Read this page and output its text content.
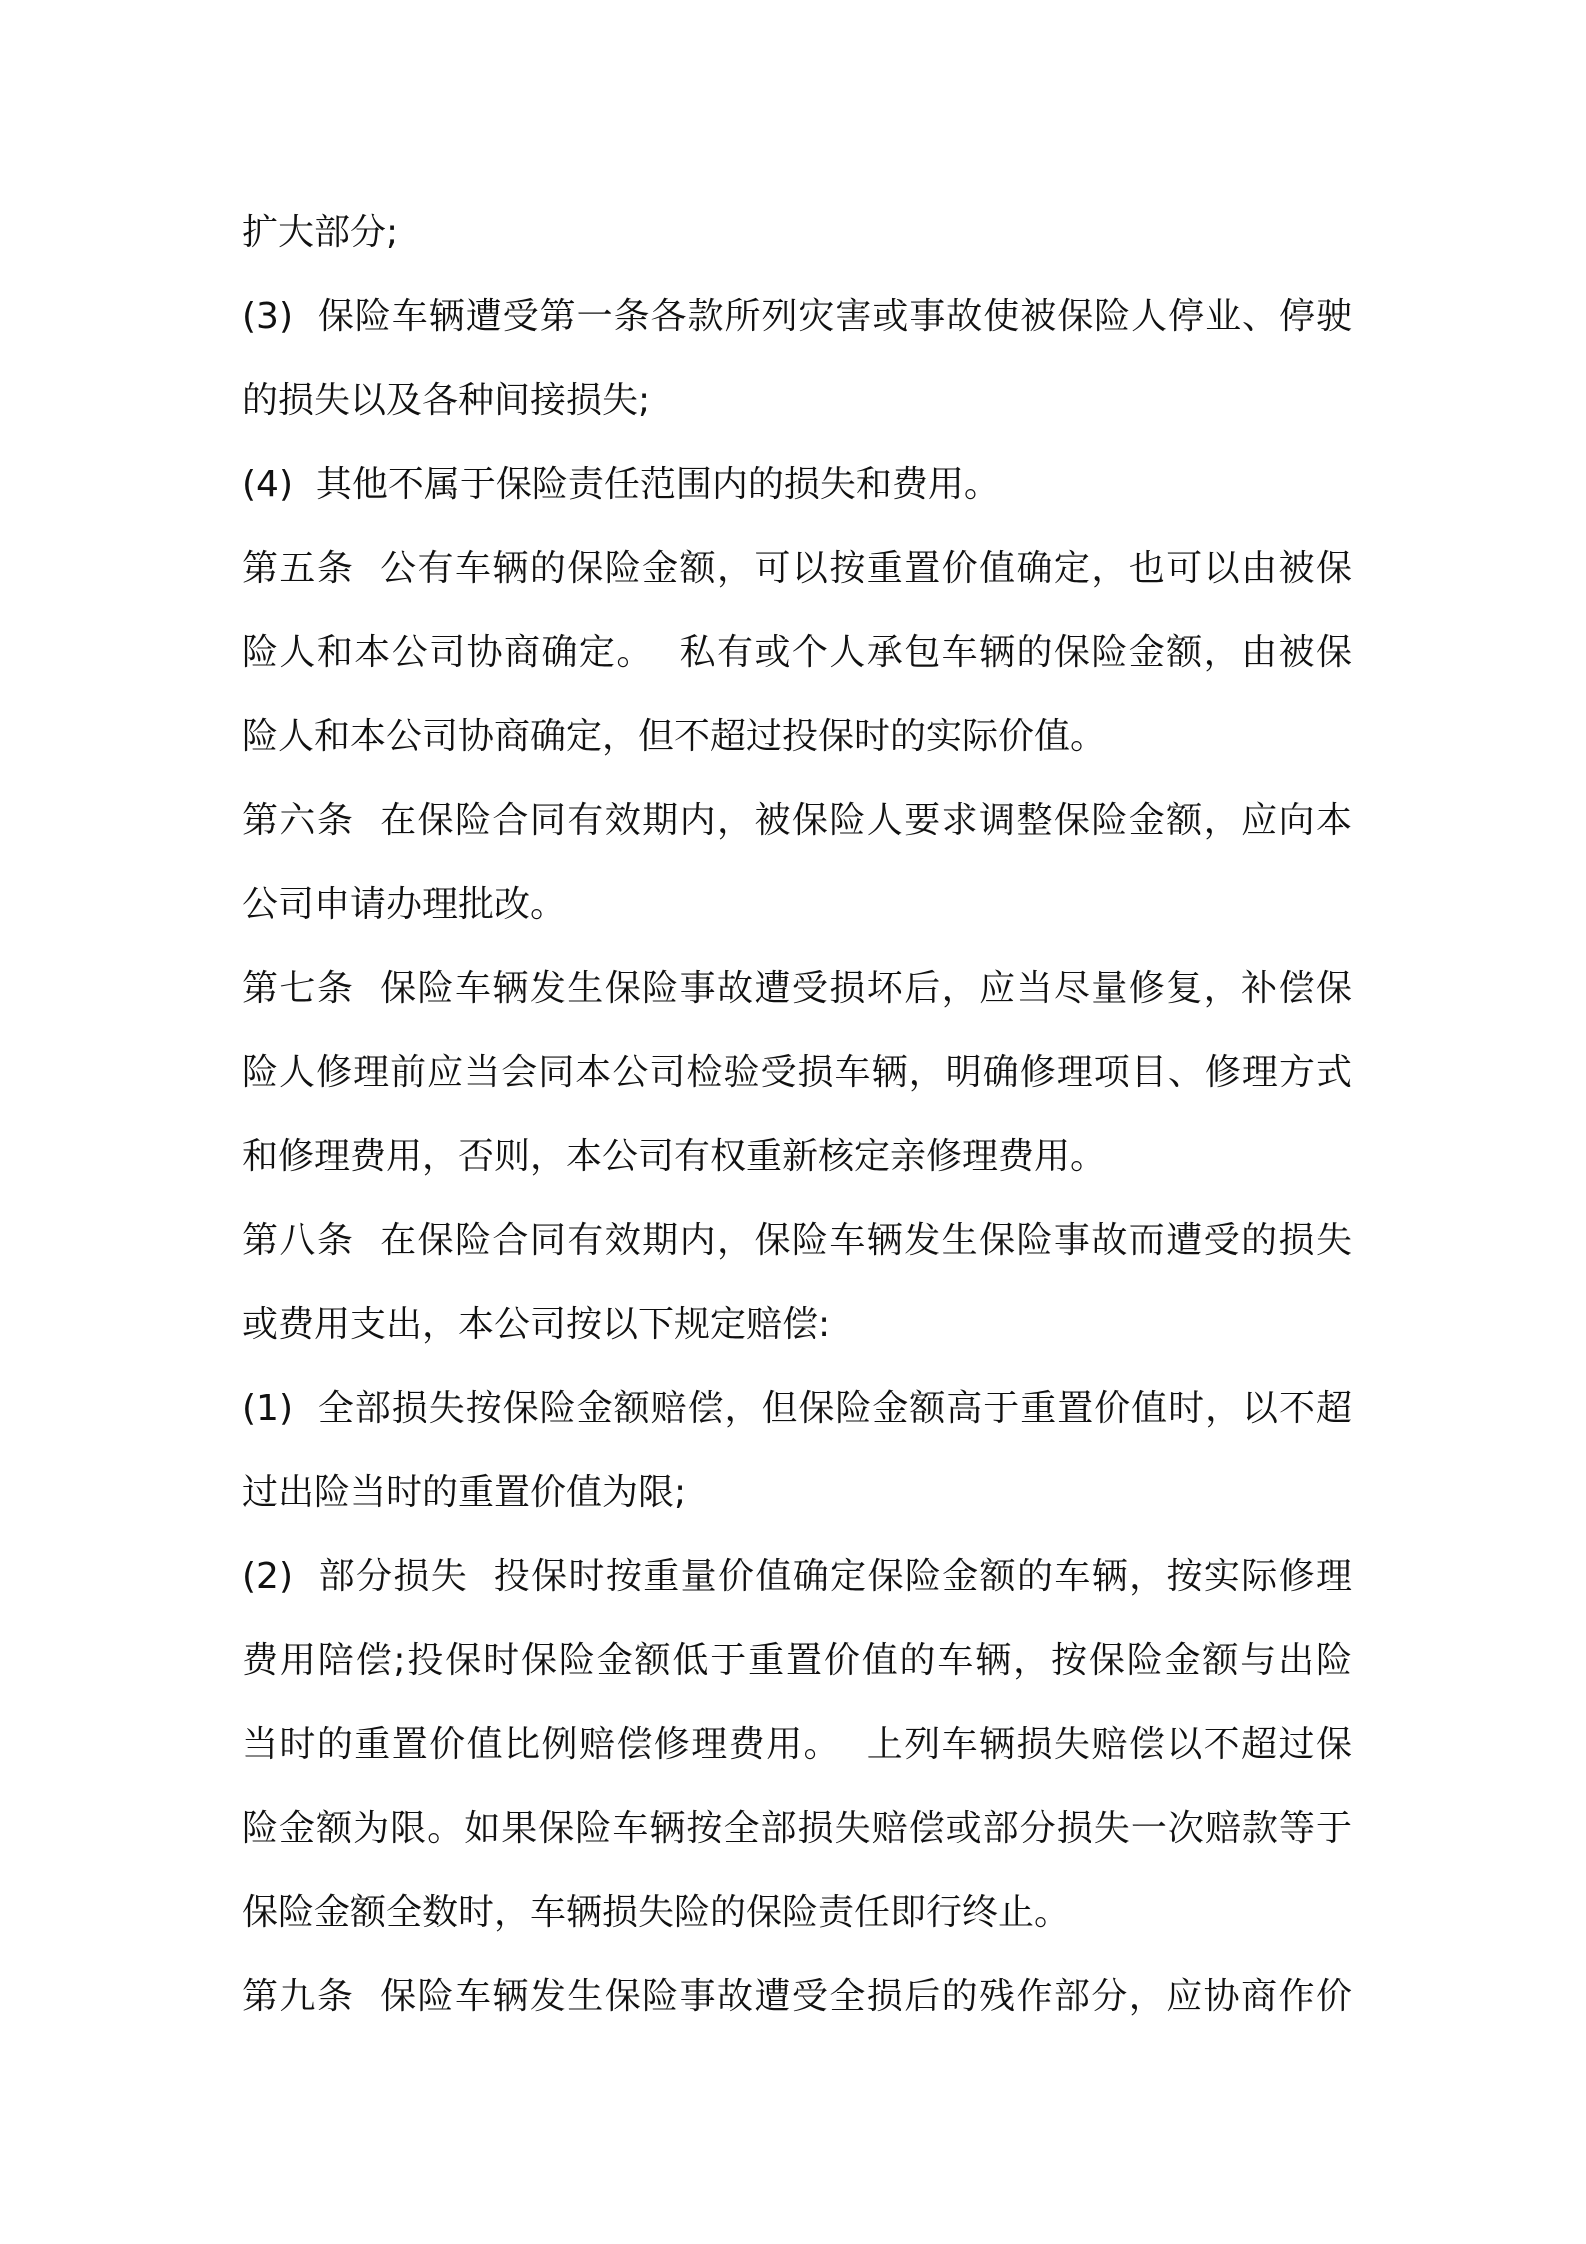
扩大部分;
(3)  保险车辆遭受第一条各款所列灾害或事故使被保险人停业、停驶
的损失以及各种间接损失;
(4)  其他不属于保险责任范围内的损失和费用。
第五条  公有车辆的保险金额，可以按重置价值确定，也可以由被保
险人和本公司协商确定。  私有或个人承包车辆的保险金额，由被保
险人和本公司协商确定，但不超过投保时的实际价值。
第六条  在保险合同有效期内，被保险人要求调整保险金额，应向本
公司申请办理批改。
第七条  保险车辆发生保险事故遭受损坏后，应当尽量修复，补偿保
险人修理前应当会同本公司检验受损车辆，明确修理项目、修理方式
和修理费用，否则，本公司有权重新核定亲修理费用。
第八条  在保险合同有效期内，保险车辆发生保险事故而遭受的损失
或费用支出，本公司按以下规定赔偿:
(1)  全部损失按保险金额赔偿，但保险金额高于重置价值时，以不超
过出险当时的重置价值为限;
(2)  部分损失  投保时按重量价值确定保险金额的车辆，按实际修理
费用陪偿;投保时保险金额低于重置价值的车辆，按保险金额与出险
当时的重置价值比例赔偿修理费用。  上列车辆损失赔偿以不超过保
险金额为限。如果保险车辆按全部损失赔偿或部分损失一次赔款等于
保险金额全数时，车辆损失险的保险责任即行终止。
第九条  保险车辆发生保险事故遭受全损后的残作部分，应协商作价
